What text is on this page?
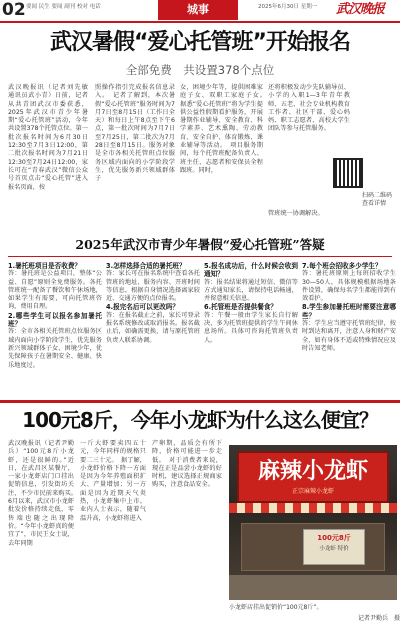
02 要闻 民生 要闻 副刊 校对 电话	城事	2025年6月30日 星期一	武汉晚报
武汉暑假“爱心托管班”开始报名
全部免费　共设置378个点位
武汉晚报讯（记者刘先敏　通讯员武小青）日前，记者从共青团武汉市委获悉，2025年武汉市青少年暑期“爱心托管班”活动，今年共设置378个托管点位。第一批次报名时间为6月30日12:30至7月3日12:00，第二批次报名时间为7月21日12:30至7月24日12:00，家长可在“青春武汉”微信公众号首页点击“爱心托管”进入报名页面，按
照操作指引完成报名信息录入。　记者了解到，本次暑假“爱心托管班”服务时间为7月7日至8月15日（工作日全天）和每日上午8点至下午6点，第一批次时间为7月7日至7月25日，第二批次为7月28日至8月15日。服务对象是全市各相关托管班点位服务区域内面向的小学阶段学生，优先服务新兴领域群体子
女，困境少年等，提供困难家庭子女、双职工家庭子女。　据悉“爱心托管班”将为学生提供公益性假期看护服务，开展暑期作业辅导、安全教育、科学素养、艺术熏陶、劳动教育、安全自护、体育锻炼、课业辅导等活动。　项目服务期间，每个托管班配备负责人、班主任、志愿者和安保员全程跟班。同时，
还将积极发动少先队辅导员、小学的入职1—3年青年教师、五老、社会专业机构教育工作者、社区干部、爱心妈妈、职工志愿者、高校大学生团队等参与托管服务。
扫码二维码查看详情
管班统一协调解决。
2025年武汉市青少年暑假“爱心托管班”答疑
1.暑托班项目是否收费？
答：暑托班是公益项目，整体“公益、自愿”原则全免费服务。各托管班统一配备了餐饮和午休场地，如果学生有需要，可向托管班咨询，费用自理。
2.哪些学生可以报名参加暑托班？
答：全市各相关托管班点位服务区域内面向小学阶段学生，优先服务新兴领域群体子女、困境少年，优先保障孩子在暑期安全、健康、快乐地度过。
3.怎样选择合适的暑托班？
答：家长可在报名系统中查看各托管班的地址、服务内容、开班时间等信息，根据自身情况选择离家较近、交通方便的点位报名。
4.报完名后可以更改吗？
答：在报名截止之前，家长可登录报名系统修改或取消报名。报名截止后，如确需更换，请与原托管班负责人联系协调。
5.报名成功后，什么时候会收到通知？
答：报名结果将通过短信、微信等方式通知家长，请保持电话畅通，并留意相关信息。
6.托管班是否提供餐食？
答：午餐一般由学生家长自行解决，多为托管班提供的学生午间休息场所。具体可咨询托管班负责人。
7.每个班会招收多少学生？
答：暑托班原则上每班招收学生30—50人，具体规模根据场地条件设置，确保每名学生都能得到有效看护。
8.学生参加暑托班时需要注意哪些？
答：学生应当遵守托管班纪律，按时到达和离开，注意人身和财产安全，如有身体不适或特殊情况应及时告知老师。
100元8斤，今年小龙虾为什么这么便宜？
武汉晚报讯（记者尹勤兵）“100元8斤小龙虾，还是很鲜的。”近日，在武昌区某餐厅，一家小龙虾店门口挂出促销信息，引发街坊关注，不少市民前来购买。　6月以来，武汉市小龙虾批发价格持续走低，零售端也随之出现降价。“今年小龙虾真的便宜了”，市民王女士说，去年同期
一斤大虾要卖四五十元，今年同样的规格只要二三十元。　据了解，小龙虾价格下降一方面是因为今年养殖面积扩大、产量增加；另一方面是因为近期天气炎热，小龙虾集中上市。业内人士表示，随着气温升高，小龙虾将进入
产卵期，品质会有所下降，价格可能进一步走低。　对于消费者来说，现在正是品尝小龙虾的好时机，建议选择正规商家购买，注意食品安全。
麻辣小龙虾
正宗麻辣小龙虾
100元8斤
小龙虾 特价
小龙虾店挂出促销价“100元8斤”。
记者尹勤兵　摄
